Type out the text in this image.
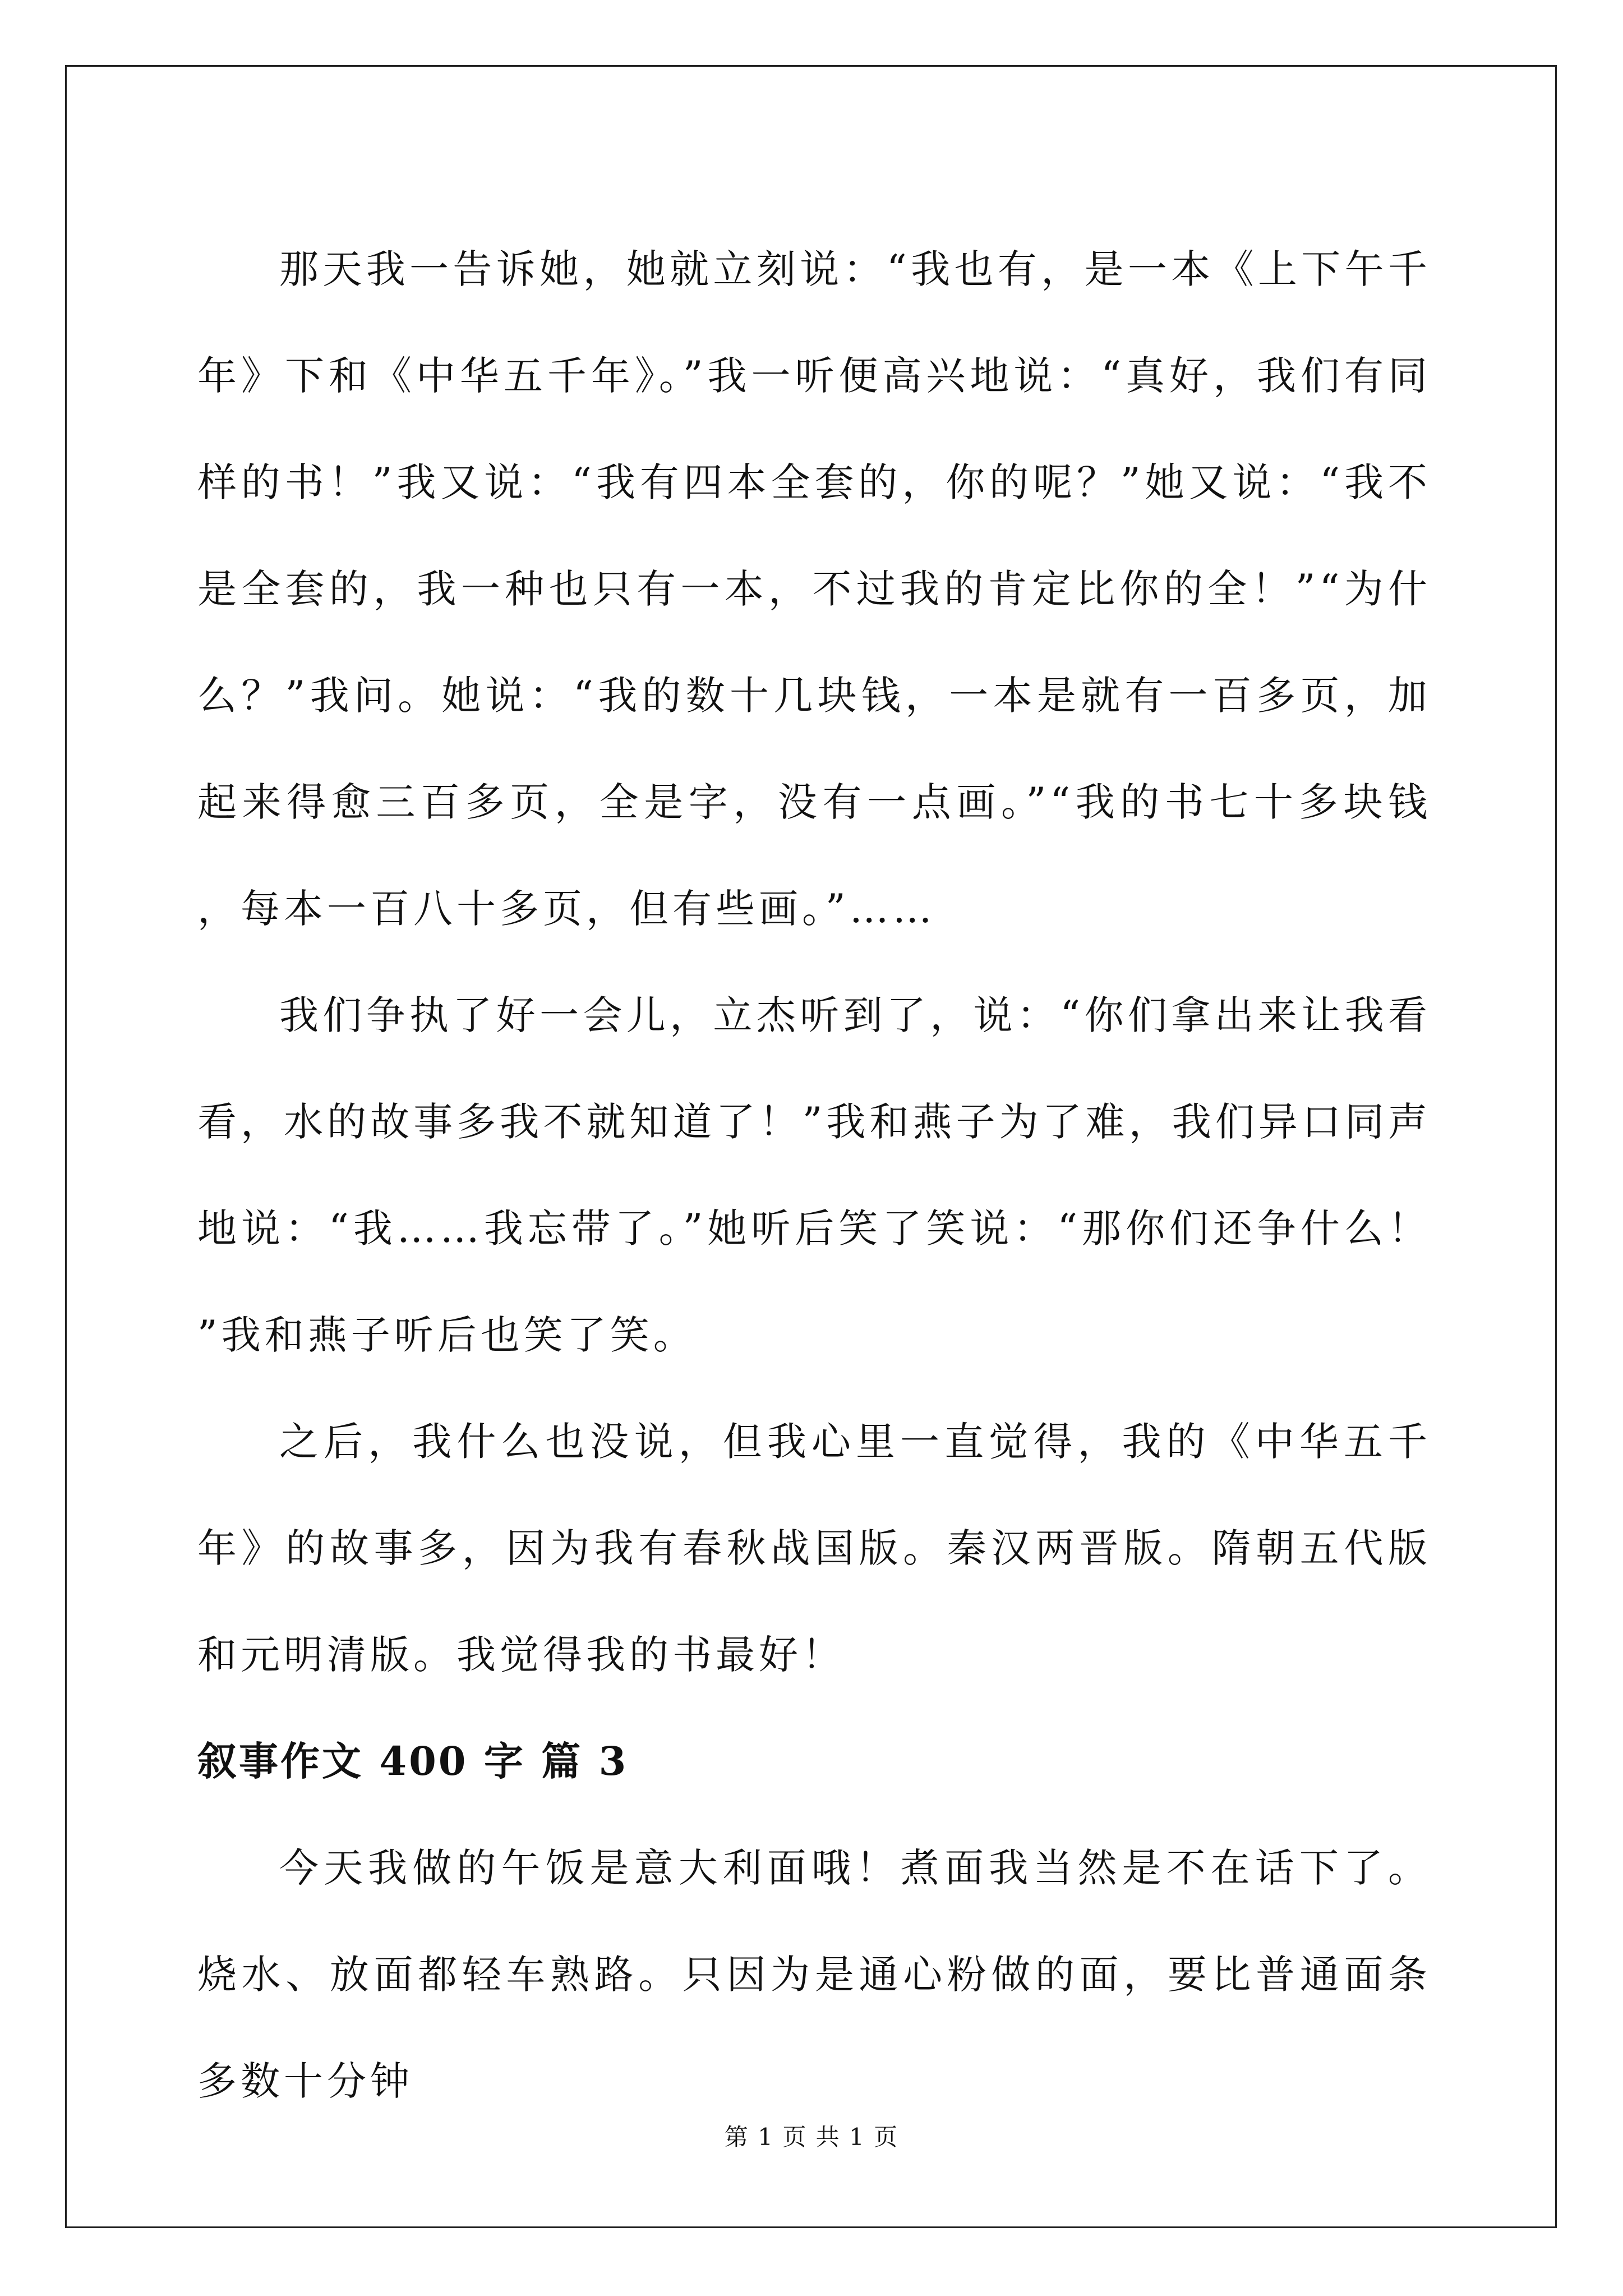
那天我一告诉她，她就立刻说：“我也有，是一本《上下午千年》下和《中华五千年》。”我一听便高兴地说：“真好，我们有同样的书！”我又说：“我有四本全套的，你的呢？”她又说：“我不是全套的，我一种也只有一本，不过我的肯定比你的全！”“为什么？”我问。她说：“我的数十几块钱，一本是就有一百多页，加起来得愈三百多页，全是字，没有一点画。”“我的书七十多块钱，每本一百八十多页，但有些画。”……

我们争执了好一会儿，立杰听到了，说：“你们拿出来让我看看，水的故事多我不就知道了！”我和燕子为了难，我们异口同声地说：“我……我忘带了。”她听后笑了笑说：“那你们还争什么！”我和燕子听后也笑了笑。

之后，我什么也没说，但我心里一直觉得，我的《中华五千年》的故事多，因为我有春秋战国版。秦汉两晋版。隋朝五代版和元明清版。我觉得我的书最好！

叙事作文 400 字 篇 3

今天我做的午饭是意大利面哦！煮面我当然是不在话下了。烧水、放面都轻车熟路。只因为是通心粉做的面，要比普通面条多数十分钟

第 1 页 共 1 页
